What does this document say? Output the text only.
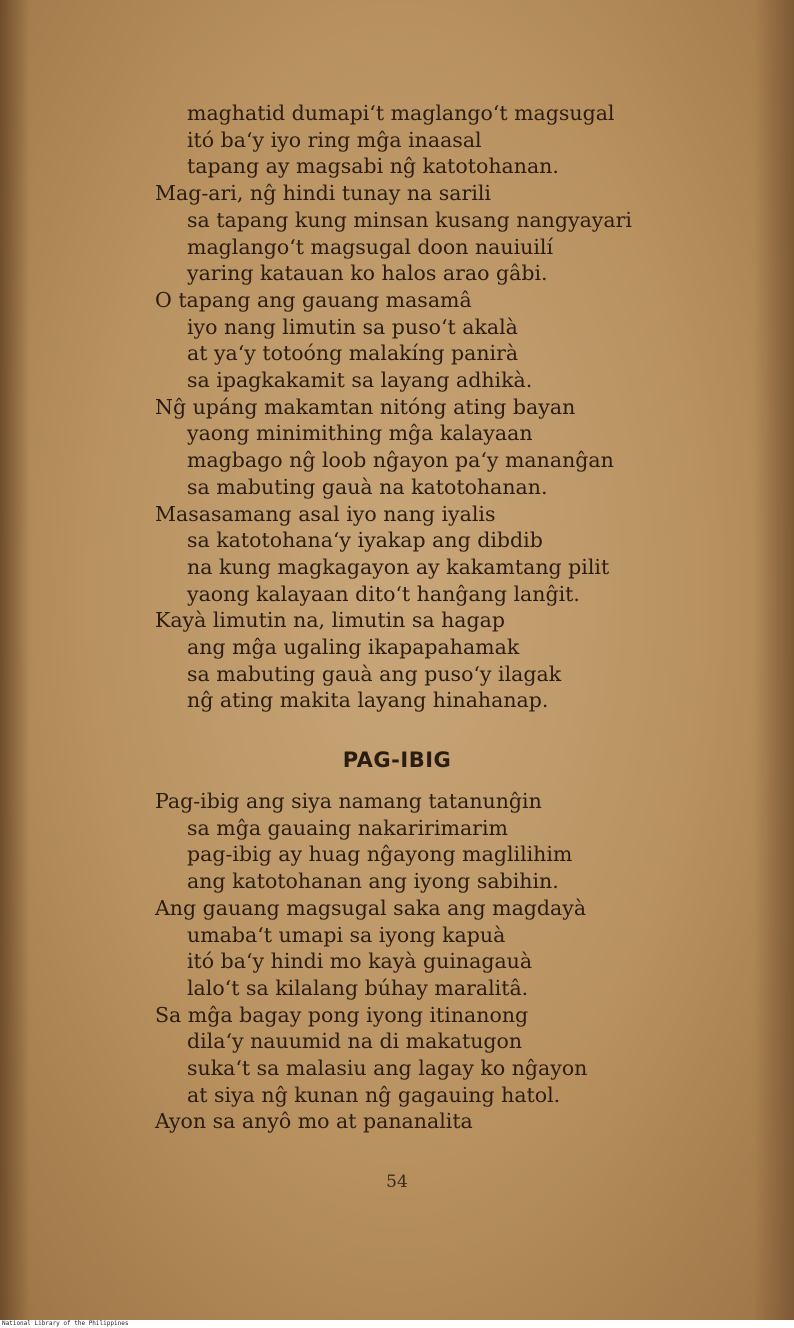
maghatid dumapi‘t maglango‘t magsugal
itó ba‘y iyo ring mĝa inaasal
tapang ay magsabi nĝ katotohanan.
Mag-ari, nĝ hindi tunay na sarili
sa tapang kung minsan kusang nangyayari
maglango‘t magsugal doon nauiuilí
yaring katauan ko halos arao gâbi.
O tapang ang gauang masamâ
iyo nang limutin sa puso‘t akalà
at ya‘y totoóng malakíng panirà
sa ipagkakamit sa layang adhikà.
Nĝ upáng makamtan nitóng ating bayan
yaong minimithing mĝa kalayaan
magbago nĝ loob nĝayon pa‘y mananĝan
sa mabuting gauà na katotohanan.
Masasamang asal iyo nang iyalis
sa katotohana‘y iyakap ang dibdib
na kung magkagayon ay kakamtang pilit
yaong kalayaan dito‘t hanĝang lanĝit.
Kayà limutin na, limutin sa hagap
ang mĝa ugaling ikapapahamak
sa mabuting gauà ang puso‘y ilagak
nĝ ating makita layang hinahanap.
Pag-ibig ang siya namang tatanunĝin
sa mĝa gauaing nakaririmarim
pag-ibig ay huag nĝayong maglilihim
ang katotohanan ang iyong sabihin.
Ang gauang magsugal saka ang magdayà
umaba‘t umapi sa iyong kapuà
itó ba‘y hindi mo kayà guinagauà
lalo‘t sa kilalang búhay maralitâ.
Sa mĝa bagay pong iyong itinanong
dila‘y nauumid na di makatugon
suka‘t sa malasiu ang lagay ko nĝayon
at siya nĝ kunan nĝ gagauing hatol.
Ayon sa anyô mo at pananalita
PAG-IBIG
54
National Library of the Philippines
